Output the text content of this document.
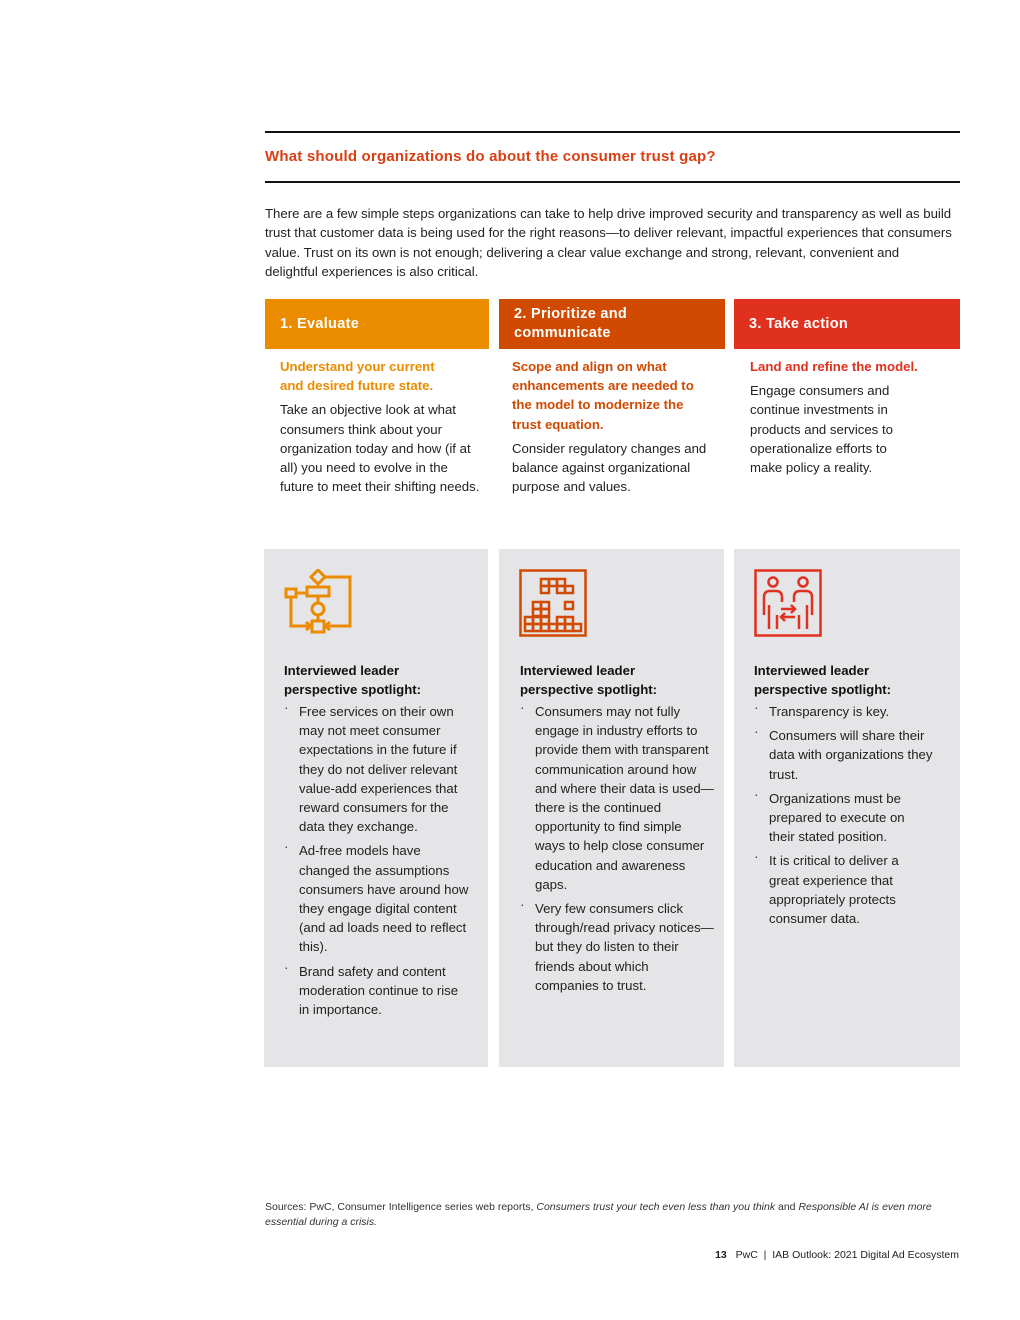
What should organizations do about the consumer trust gap?
There are a few simple steps organizations can take to help drive improved security and transparency as well as build trust that customer data is being used for the right reasons—to deliver relevant, impactful experiences that consumers value. Trust on its own is not enough; delivering a clear value exchange and strong, relevant, convenient and delightful experiences is also critical.
1. Evaluate
2. Prioritize and communicate
3. Take action
Understand your current and desired future state.
Take an objective look at what consumers think about your organization today and how (if at all) you need to evolve in the future to meet their shifting needs.
Scope and align on what enhancements are needed to the model to modernize the trust equation.
Consider regulatory changes and balance against organizational purpose and values.
Land and refine the model.
Engage consumers and continue investments in products and services to operationalize efforts to make policy a reality.
Interviewed leader perspective spotlight:
· Free services on their own may not meet consumer expectations in the future if they do not deliver relevant value-add experiences that reward consumers for the data they exchange.
· Ad-free models have changed the assumptions consumers have around how they engage digital content (and ad loads need to reflect this).
· Brand safety and content moderation continue to rise in importance.
Interviewed leader perspective spotlight:
· Consumers may not fully engage in industry efforts to provide them with transparent communication around how and where their data is used—there is the continued opportunity to find simple ways to help close consumer education and awareness gaps.
· Very few consumers click through/read privacy notices—but they do listen to their friends about which companies to trust.
Interviewed leader perspective spotlight:
· Transparency is key.
· Consumers will share their data with organizations they trust.
· Organizations must be prepared to execute on their stated position.
· It is critical to deliver a great experience that appropriately protects consumer data.
Sources: PwC, Consumer Intelligence series web reports, Consumers trust your tech even less than you think and Responsible AI is even more essential during a crisis.
13 PwC  |  IAB Outlook: 2021 Digital Ad Ecosystem
